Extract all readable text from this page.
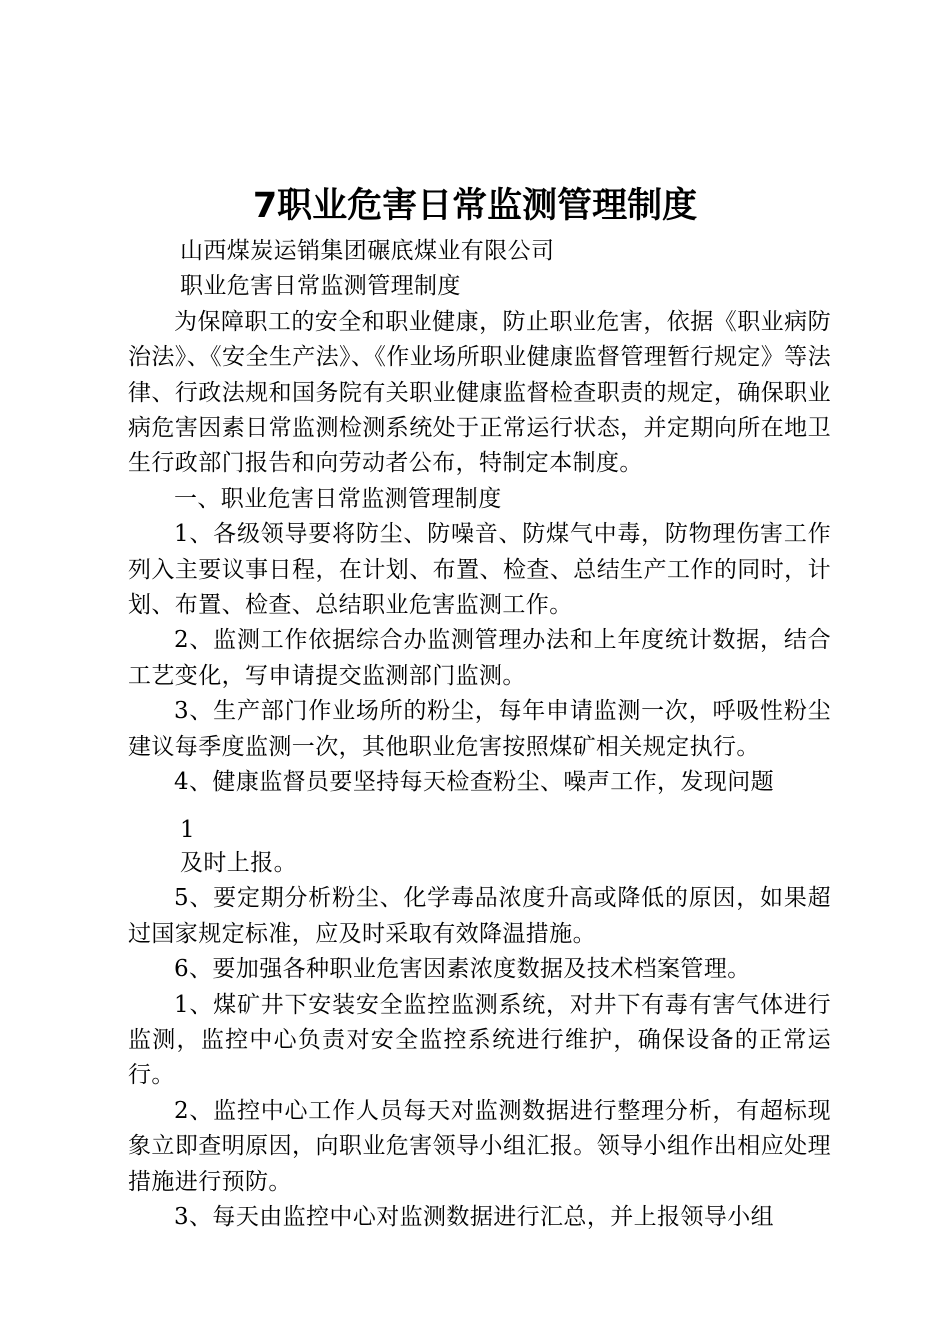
7职业危害日常监测管理制度

山西煤炭运销集团碾底煤业有限公司

职业危害日常监测管理制度

为保障职工的安全和职业健康，防止职业危害，依据《职业病防治法》、《安全生产法》、《作业场所职业健康监督管理暂行规定》等法律、行政法规和国务院有关职业健康监督检查职责的规定，确保职业病危害因素日常监测检测系统处于正常运行状态，并定期向所在地卫生行政部门报告和向劳动者公布，特制定本制度。

一、职业危害日常监测管理制度

1、各级领导要将防尘、防噪音、防煤气中毒，防物理伤害工作列入主要议事日程，在计划、布置、检查、总结生产工作的同时，计划、布置、检查、总结职业危害监测工作。

2、监测工作依据综合办监测管理办法和上年度统计数据，结合工艺变化，写申请提交监测部门监测。

3、生产部门作业场所的粉尘，每年申请监测一次，呼吸性粉尘建议每季度监测一次，其他职业危害按照煤矿相关规定执行。

4、健康监督员要坚持每天检查粉尘、噪声工作，发现问题

1

及时上报。

5、要定期分析粉尘、化学毒品浓度升高或降低的原因，如果超过国家规定标准，应及时采取有效降温措施。

6、要加强各种职业危害因素浓度数据及技术档案管理。

1、煤矿井下安装安全监控监测系统，对井下有毒有害气体进行监测，监控中心负责对安全监控系统进行维护，确保设备的正常运行。

2、监控中心工作人员每天对监测数据进行整理分析，有超标现象立即查明原因，向职业危害领导小组汇报。领导小组作出相应处理措施进行预防。

3、每天由监控中心对监测数据进行汇总，并上报领导小组
